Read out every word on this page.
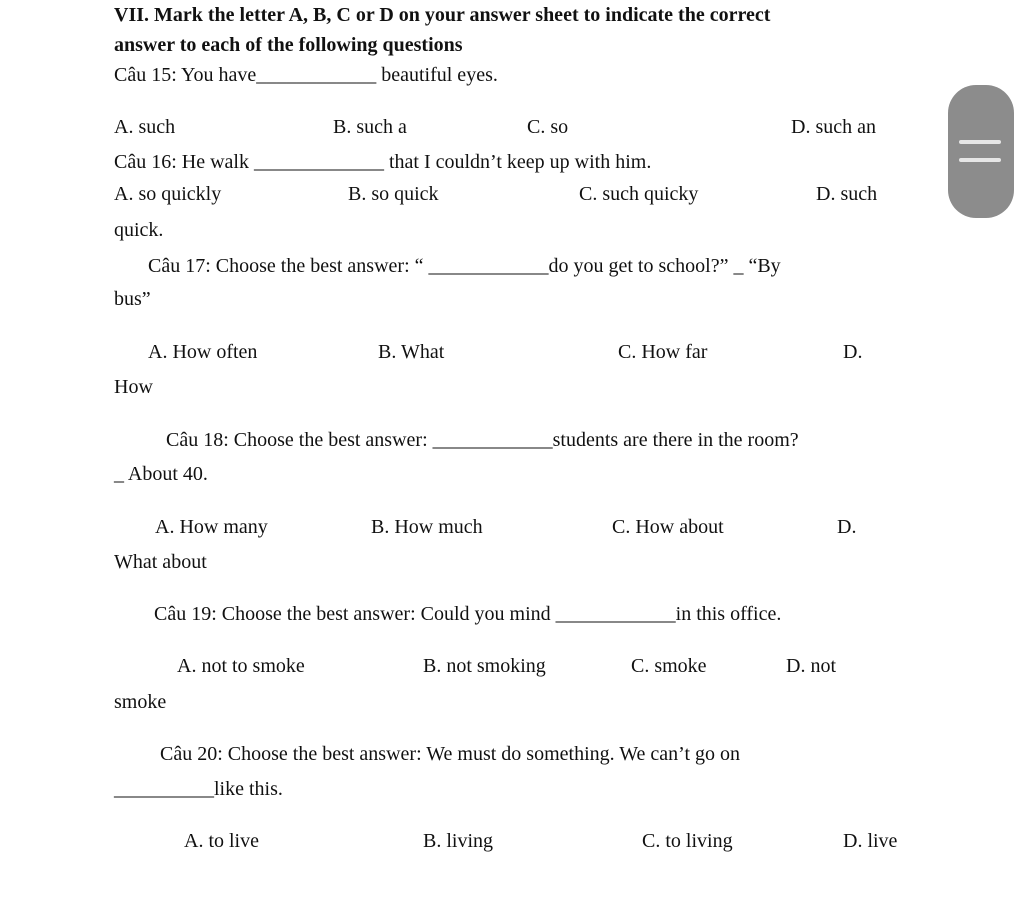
VII. Mark the letter A, B, C or D on your answer sheet to indicate the correct
answer to each of the following questions
Câu 15: You have____________ beautiful eyes.
A. such	B. such a	C. so	D. such an
Câu 16: He walk _____________ that I couldn’t keep up with him.
A. so quickly	B. so quick	C. such quicky	D. such
quick.
Câu 17: Choose the best answer: “ ____________do you get to school?” _ “By
bus”
A. How often	B. What	C. How far	D.
How
Câu 18: Choose the best answer: ____________students are there in the room?
_ About 40.
A. How many	B. How much	C. How about	D.
What about
Câu 19: Choose the best answer: Could you mind ____________in this office.
A. not to smoke	B. not smoking	C. smoke	D. not
smoke
Câu 20: Choose the best answer: We must do something. We can’t go on
__________like this.
A. to live	B. living	C. to living	D. live
